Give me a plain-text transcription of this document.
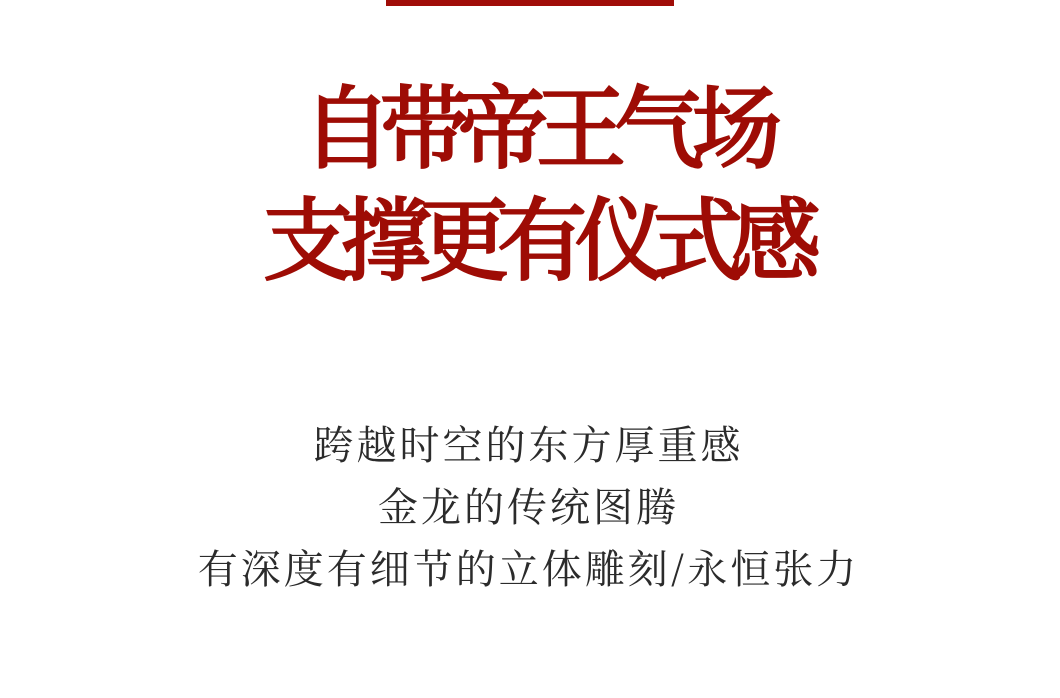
自带帝王气场
支撑更有仪式感
跨越时空的东方厚重感
金龙的传统图腾
有深度有细节的立体雕刻/永恒张力
